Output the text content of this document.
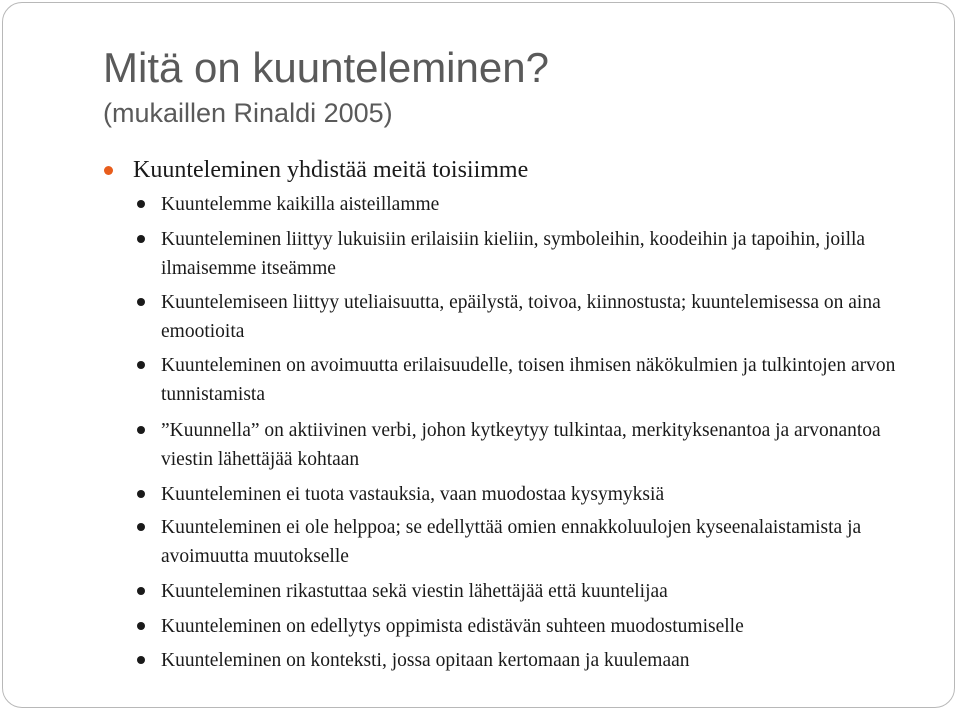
Mitä on kuunteleminen?
(mukaillen Rinaldi 2005)
Kuunteleminen yhdistää meitä toisiimme
Kuuntelemme kaikilla aisteillamme
Kuunteleminen liittyy lukuisiin erilaisiin kieliin, symboleihin, koodeihin ja tapoihin, joilla ilmaisemme itseämme
Kuuntelemiseen liittyy uteliaisuutta, epäilystä, toivoa, kiinnostusta; kuuntelemisessa on aina emootioita
Kuunteleminen on avoimuutta erilaisuudelle, toisen ihmisen näkökulmien ja tulkintojen arvon tunnistamista
”Kuunnella” on aktiivinen verbi, johon kytkeytyy tulkintaa, merkityksenantoa ja arvonantoa viestin lähettäjää kohtaan
Kuunteleminen ei tuota vastauksia, vaan muodostaa kysymyksiä
Kuunteleminen ei ole helppoa; se edellyttää omien ennakkoluulojen kyseenalaistamista ja avoimuutta muutokselle
Kuunteleminen rikastuttaa sekä viestin lähettäjää että kuuntelijaa
Kuunteleminen on edellytys oppimista edistävän suhteen muodostumiselle
Kuunteleminen on konteksti, jossa opitaan kertomaan ja kuulemaan
